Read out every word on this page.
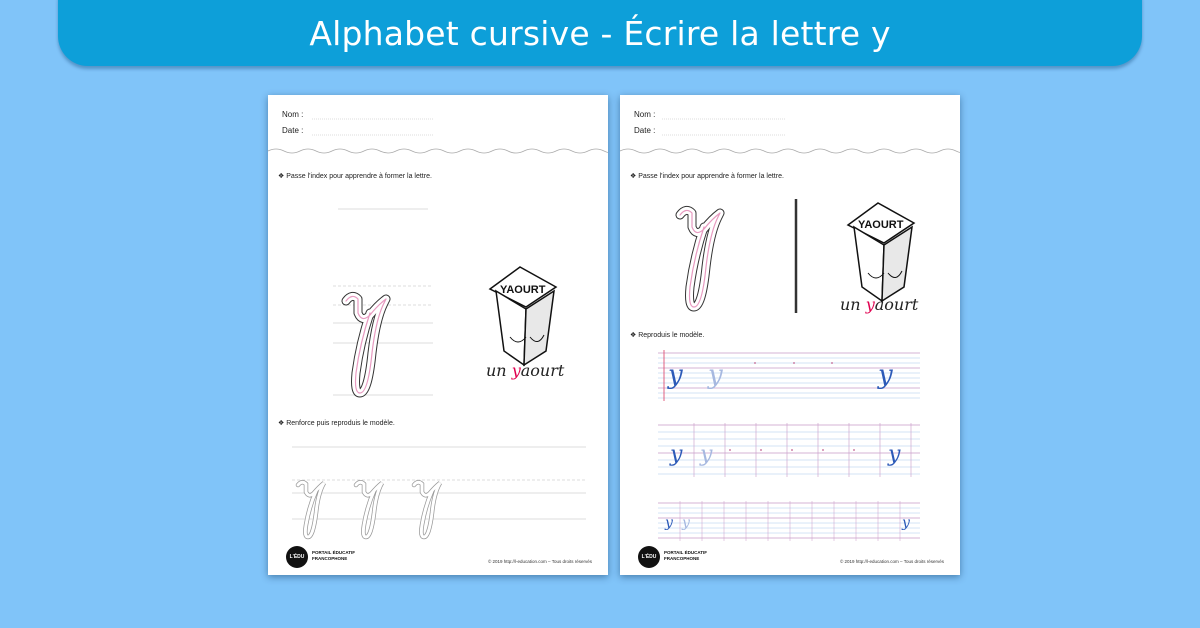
Alphabet cursive - Écrire la lettre y
YAOURT
Nom :
Date :
❖ Passe l'index pour apprendre à former la lettre.
un yaourt
❖ Renforce puis reproduis le modèle.
L'ÉDU
PORTAIL ÉDUCATIF
FRANCOPHONE
© 2019 http://l-education.com – Tous droits réservés
YAOURT
y y	y
y y	y
y y	y
Nom :
Date :
❖ Passe l'index pour apprendre à former la lettre.
un yaourt
❖ Reproduis le modèle.
L'ÉDU
PORTAIL ÉDUCATIF
FRANCOPHONE
© 2019 http://l-education.com – Tous droits réservés
